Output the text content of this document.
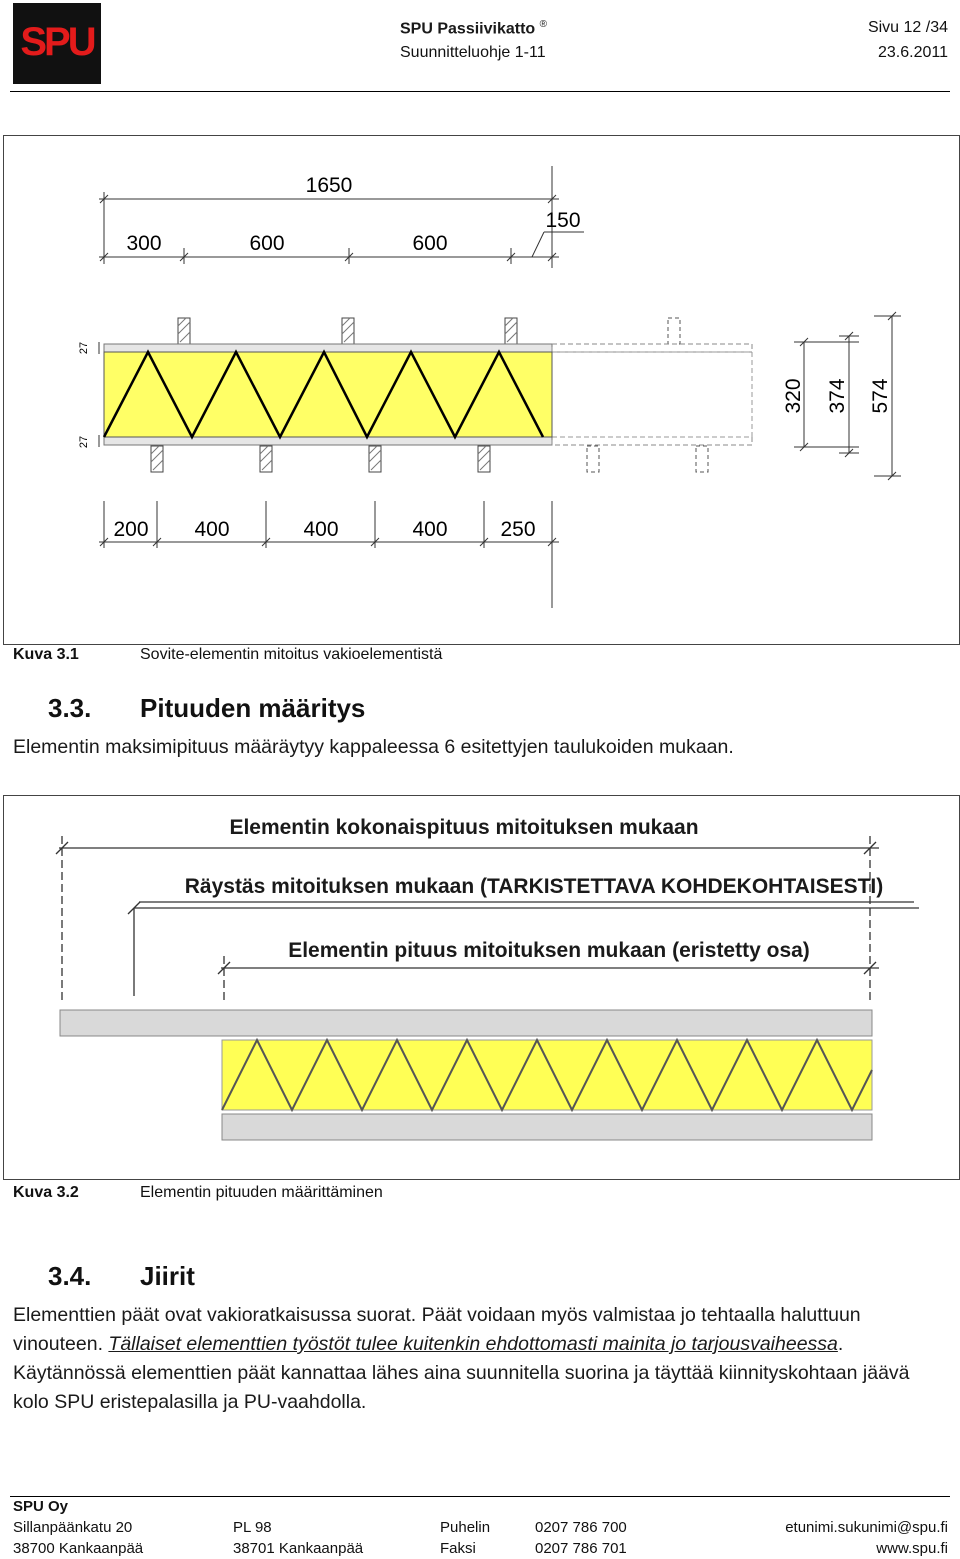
SPU	SPU Passiivikatto ®
Suunnitteluohje 1-11
Sivu 12 /34
23.6.2011
1650
150
300	600	600
200 400	400	400	250
320 374 574
27
27
Kuva 3.1	Sovite-elementin mitoitus vakioelementistä
3.3. Pituuden määritys
Elementin maksimipituus määräytyy kappaleessa 6 esitettyjen taulukoiden mukaan.
Elementin kokonaispituus mitoituksen mukaan
Räystäs mitoituksen mukaan (TARKISTETTAVA KOHDEKOHTAISESTI)
Elementin pituus mitoituksen mukaan (eristetty osa)
Kuva 3.2	Elementin pituuden määrittäminen
3.4. Jiirit
Elementtien päät ovat vakioratkaisussa suorat. Päät voidaan myös valmistaa jo tehtaalla haluttuun vinouteen. Tällaiset elementtien työstöt tulee kuitenkin ehdottomasti mainita jo tarjousvaiheessa.
Käytännössä elementtien päät kannattaa lähes aina suunnitella suorina ja täyttää kiinnityskohtaan jäävä kolo SPU eristepalasilla ja PU-vaahdolla.
SPU Oy
Sillanpäänkatu 20
38700 Kankaanpää
PL 98
38701 Kankaanpää
Puhelin
Faksi
0207 786 700
0207 786 701
etunimi.sukunimi@spu.fi
www.spu.fi
